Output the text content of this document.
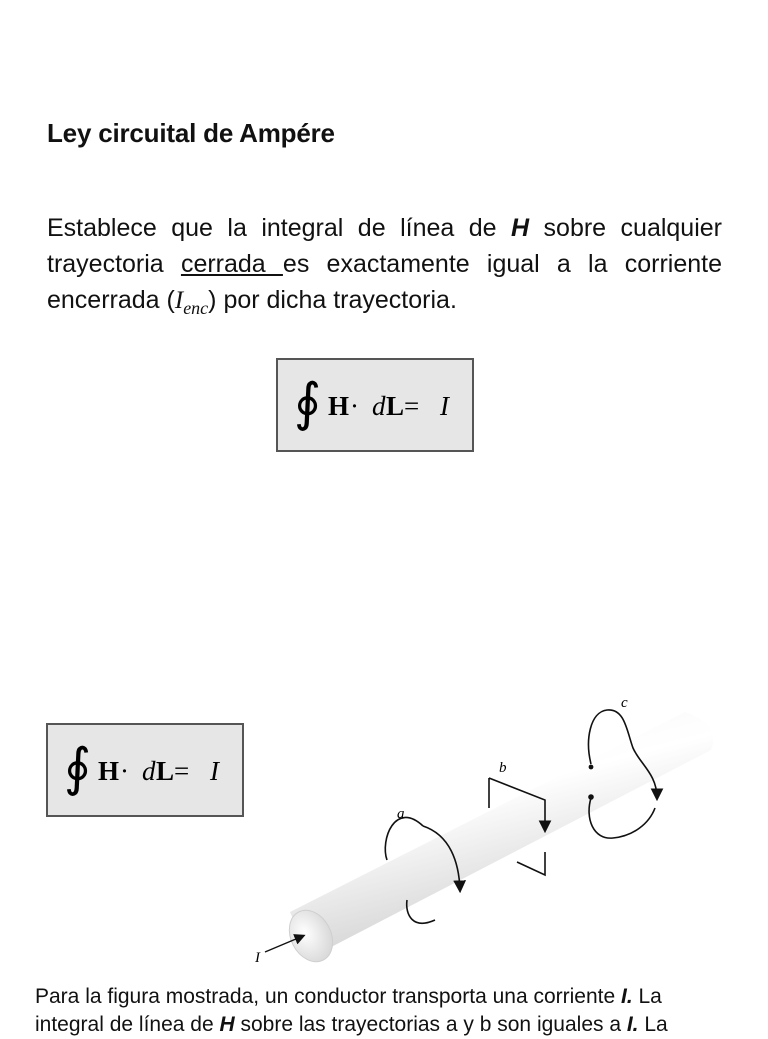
Ley circuital de Ampére
Establece que la integral de línea de H sobre cualquier trayectoria cerrada es exactamente igual a la corriente encerrada $(I_{enc})$ por dicha trayectoria.
∮ H · d L = I
∮ H · d L = I
a
b
c
I
Para la figura mostrada, un conductor transporta una corriente I. La
integral de línea de H sobre las trayectorias a y b son iguales a I. La
